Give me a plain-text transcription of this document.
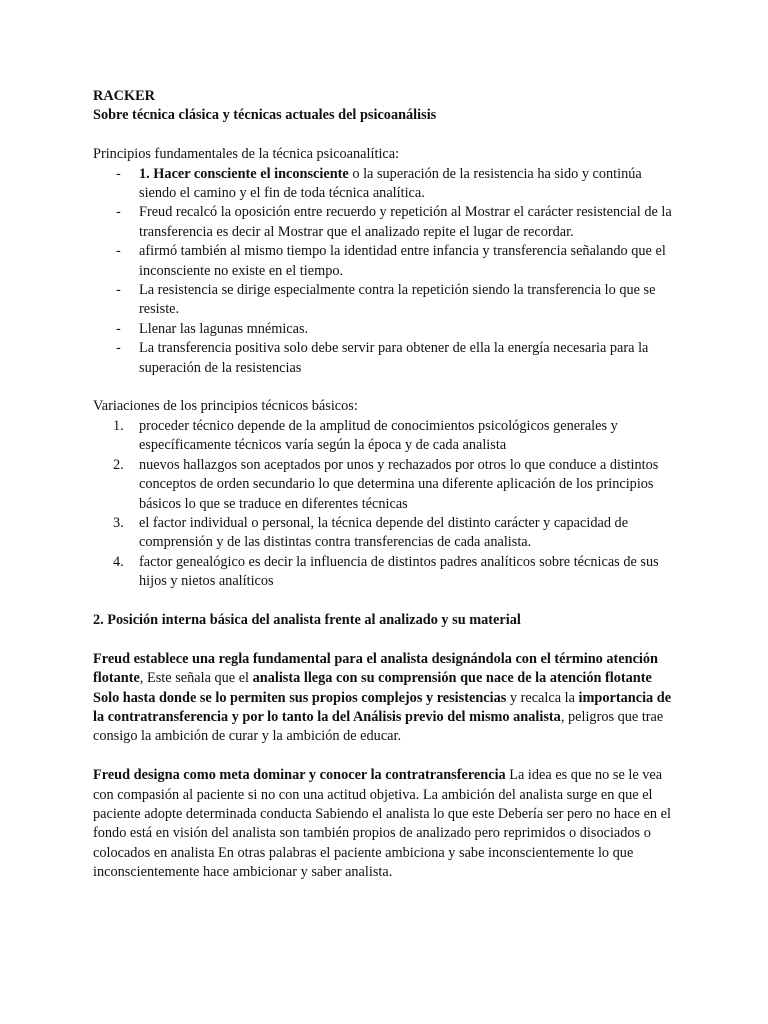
RACKER

Sobre técnica clásica y técnicas actuales del psicoanálisis

Principios fundamentales de la técnica psicoanalítica:

- 1. Hacer consciente el inconsciente o la superación de la resistencia ha sido y continúa siendo el camino y el fin de toda técnica analítica.
- Freud recalcó la oposición entre recuerdo y repetición al Mostrar el carácter resistencial de la transferencia es decir al Mostrar que el analizado repite el lugar de recordar.
- afirmó también al mismo tiempo la identidad entre infancia y transferencia señalando que el inconsciente no existe en el tiempo.
- La resistencia se dirige especialmente contra la repetición siendo la transferencia lo que se resiste.
- Llenar las lagunas mnémicas.
- La transferencia positiva solo debe servir para obtener de ella la energía necesaria para la superación de la resistencias

Variaciones de los principios técnicos básicos:

1. proceder técnico depende de la amplitud de conocimientos psicológicos generales y específicamente técnicos varía según la época y de cada analista
2. nuevos hallazgos son aceptados por unos y rechazados por otros lo que conduce a distintos conceptos de orden secundario lo que determina una diferente aplicación de los principios básicos lo que se traduce en diferentes técnicas
3. el factor individual o personal, la técnica depende del distinto carácter y capacidad de comprensión y de las distintas contra transferencias de cada analista.
4. factor genealógico es decir la influencia de distintos padres analíticos sobre técnicas de sus hijos y nietos analíticos

2. Posición interna básica del analista frente al analizado y su material

Freud establece una regla fundamental para el analista designándola con el término atención flotante, Este señala que el analista llega con su comprensión que nace de la atención flotante Solo hasta donde se lo permiten sus propios complejos y resistencias y recalca la importancia de la contratransferencia y por lo tanto la del Análisis previo del mismo analista, peligros que trae consigo la ambición de curar y la ambición de educar.

Freud designa como meta dominar y conocer la contratransferencia La idea es que no se le vea con compasión al paciente si no con una actitud objetiva. La ambición del analista surge en que el paciente adopte determinada conducta Sabiendo el analista lo que este Debería ser pero no hace en el fondo está en visión del analista son también propios de analizado pero reprimidos o disociados o colocados en analista En otras palabras el paciente ambiciona y sabe inconscientemente lo que inconscientemente hace ambicionar y saber analista.
